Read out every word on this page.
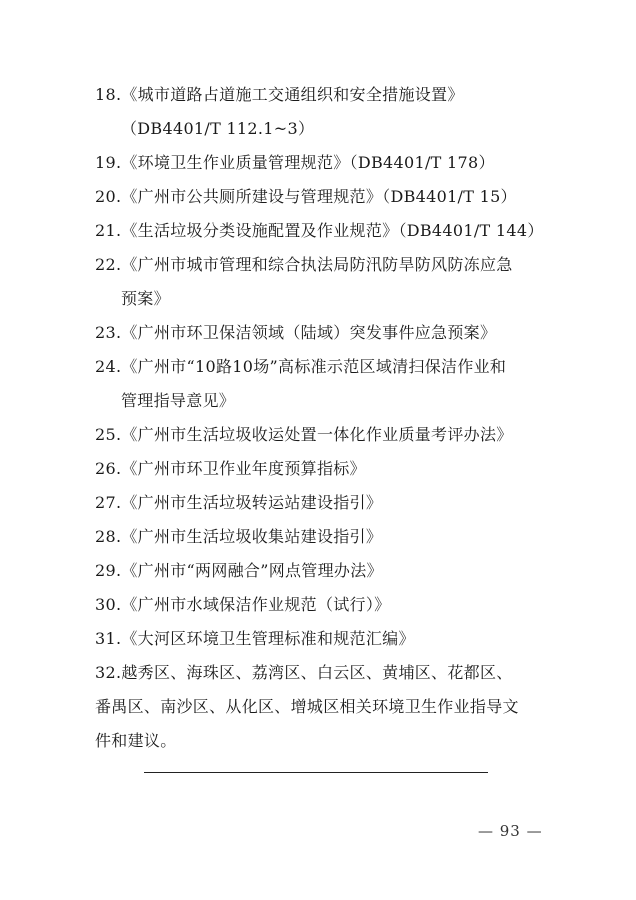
18.《城市道路占道施工交通组织和安全措施设置》
（DB4401/T 112.1~3）
19.《环境卫生作业质量管理规范》（DB4401/T 178）
20.《广州市公共厕所建设与管理规范》（DB4401/T 15）
21.《生活垃圾分类设施配置及作业规范》（DB4401/T 144）
22.《广州市城市管理和综合执法局防汛防旱防风防冻应急
预案》
23.《广州市环卫保洁领域（陆域）突发事件应急预案》
24.《广州市“10路10场”高标准示范区域清扫保洁作业和
管理指导意见》
25.《广州市生活垃圾收运处置一体化作业质量考评办法》
26.《广州市环卫作业年度预算指标》
27.《广州市生活垃圾转运站建设指引》
28.《广州市生活垃圾收集站建设指引》
29.《广州市“两网融合”网点管理办法》
30.《广州市水域保洁作业规范（试行）》
31.《大河区环境卫生管理标准和规范汇编》
32.越秀区、海珠区、荔湾区、白云区、黄埔区、花都区、
番禺区、南沙区、从化区、增城区相关环境卫生作业指导文
件和建议。
— 93 —
